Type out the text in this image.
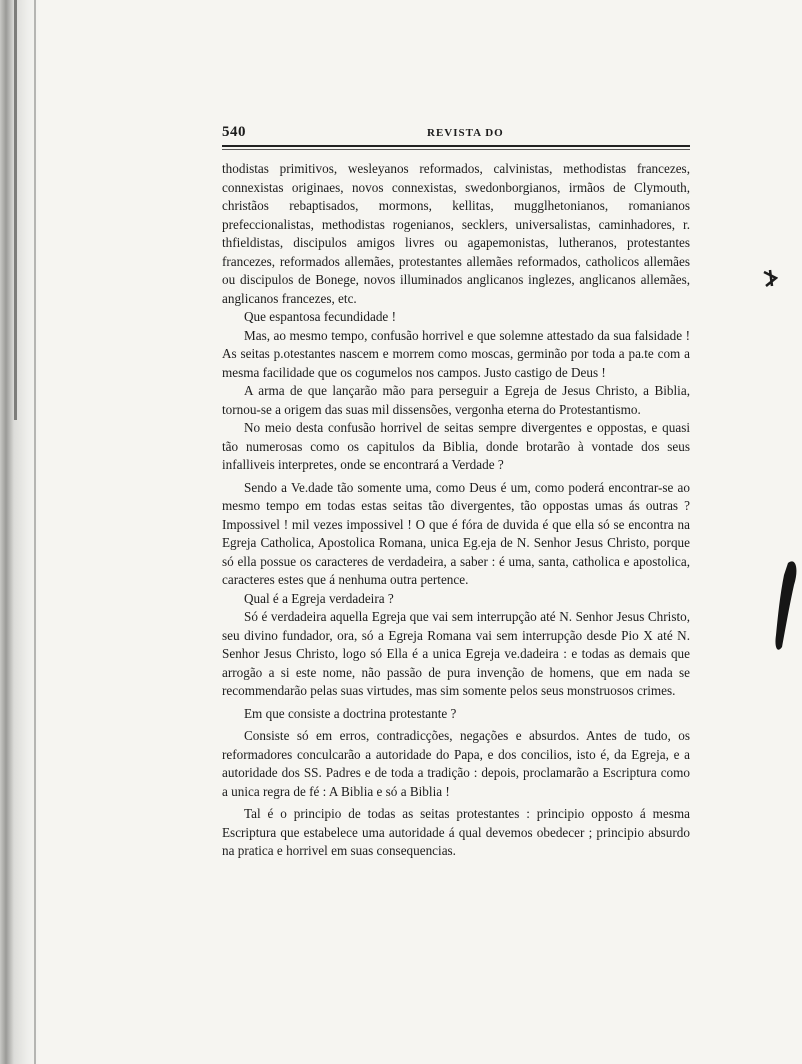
540	REVISTA DO

thodistas primitivos, wesleyanos reformados, calvinistas, methodistas francezes, connexistas originaes, novos connexistas, swedonborgianos, irmãos de Clymouth, christãos rebaptisados, mormons, kellitas, mugglhetonianos, romanianos prefeccionalistas, methodistas rogenianos, secklers, universalistas, caminhadores, r. thfieldistas, discipulos amigos livres ou agapemonistas, lutheranos, protestantes francezes, reformados allemães, protestantes allemães reformados, catholicos allemães ou discipulos de Bonege, novos illuminados anglicanos inglezes, anglicanos allemães, anglicanos francezes, etc.

Que espantosa fecundidade !

Mas, ao mesmo tempo, confusão horrivel e que solemne attestado da sua falsidade ! As seitas p.otestantes nascem e morrem como moscas, germinão por toda a pa.te com a mesma facilidade que os cogumelos nos campos. Justo castigo de Deus !

A arma de que lançarão mão para perseguir a Egreja de Jesus Christo, a Biblia, tornou-se a origem das suas mil dissensões, vergonha eterna do Protestantismo.

No meio desta confusão horrivel de seitas sempre divergentes e oppostas, e quasi tão numerosas como os capitulos da Biblia, donde brotarão à vontade dos seus infalliveis interpretes, onde se encontrará a Verdade ?

Sendo a Ve.dade tão somente uma, como Deus é um, como poderá encontrar-se ao mesmo tempo em todas estas seitas tão divergentes, tão oppostas umas ás outras ? Impossivel ! mil vezes impossivel ! O que é fóra de duvida é que ella só se encontra na Egreja Catholica, Apostolica Romana, unica Eg.eja de N. Senhor Jesus Christo, porque só ella possue os caracteres de verdadeira, a saber : é uma, santa, catholica e apostolica, caracteres estes que á nenhuma outra pertence.

Qual é a Egreja verdadeira ?

Só é verdadeira aquella Egreja que vai sem interrupção até N. Senhor Jesus Christo, seu divino fundador, ora, só a Egreja Romana vai sem interrupção desde Pio X até N. Senhor Jesus Christo, logo só Ella é a unica Egreja ve.dadeira : e todas as demais que arrogão a si este nome, não passão de pura invenção de homens, que em nada se recommendarão pelas suas virtudes, mas sim somente pelos seus monstruosos crimes.

Em que consiste a doctrina protestante ?

Consiste só em erros, contradicções, negações e absurdos. Antes de tudo, os reformadores conculcarão a autoridade do Papa, e dos concilios, isto é, da Egreja, e a autoridade dos SS. Padres e de toda a tradição : depois, proclamarão a Escriptura como a unica regra de fé : A Biblia e só a Biblia !

Tal é o principio de todas as seitas protestantes : principio opposto á mesma Escriptura que estabelece uma autoridade á qual devemos obedecer ; principio absurdo na pratica e horrivel em suas consequencias.
